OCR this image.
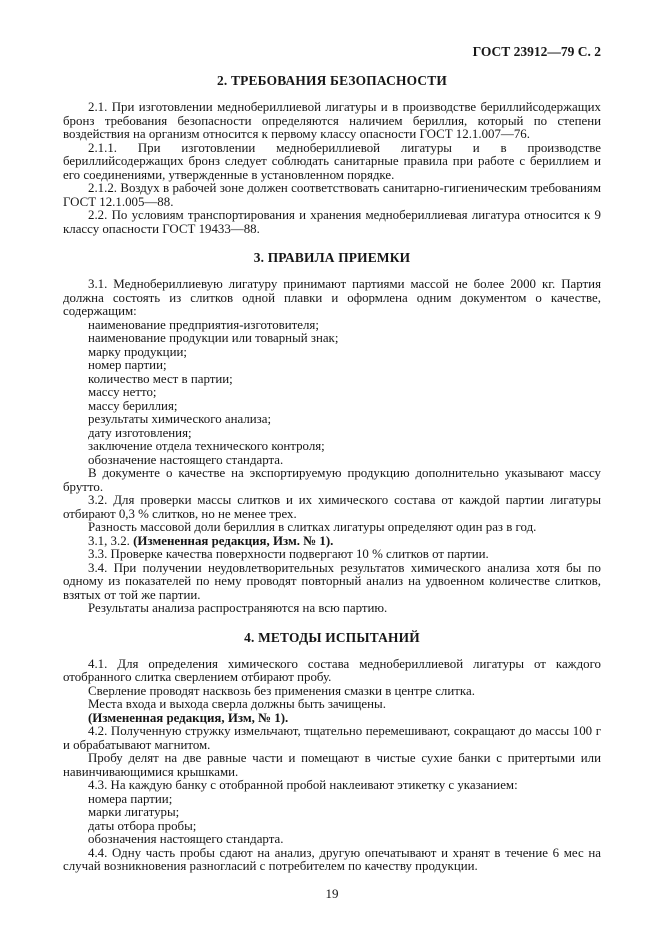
ГОСТ 23912—79 С. 2
2. ТРЕБОВАНИЯ БЕЗОПАСНОСТИ

2.1. При изготовлении меднобериллиевой лигатуры и в производстве бериллийсодержащих бронз требования безопасности определяются наличием бериллия, который по степени воздействия на организм относится к первому классу опасности ГОСТ 12.1.007—76.

2.1.1. При изготовлении меднобериллиевой лигатуры и в производстве бериллийсодержащих бронз следует соблюдать санитарные правила при работе с бериллием и его соединениями, утвержденные в установленном порядке.

2.1.2. Воздух в рабочей зоне должен соответствовать санитарно-гигиеническим требованиям ГОСТ 12.1.005—88.

2.2. По условиям транспортирования и хранения меднобериллиевая лигатура относится к 9 классу опасности ГОСТ 19433—88.

3. ПРАВИЛА ПРИЕМКИ

3.1. Меднобериллиевую лигатуру принимают партиями массой не более 2000 кг. Партия должна состоять из слитков одной плавки и оформлена одним документом о качестве, содержащим:

наименование предприятия-изготовителя;

наименование продукции или товарный знак;

марку продукции;

номер партии;

количество мест в партии;

массу нетто;

массу бериллия;

результаты химического анализа;

дату изготовления;

заключение отдела технического контроля;

обозначение настоящего стандарта.

В документе о качестве на экспортируемую продукцию дополнительно указывают массу брутто.

3.2. Для проверки массы слитков и их химического состава от каждой партии лигатуры отбирают 0,3 % слитков, но не менее трех.

Разность массовой доли бериллия в слитках лигатуры определяют один раз в год.

3.1, 3.2. (Измененная редакция, Изм. № 1).

3.3. Проверке качества поверхности подвергают 10 % слитков от партии.

3.4. При получении неудовлетворительных результатов химического анализа хотя бы по одному из показателей по нему проводят повторный анализ на удвоенном количестве слитков, взятых от той же партии.

Результаты анализа распространяются на всю партию.

4. МЕТОДЫ ИСПЫТАНИЙ

4.1. Для определения химического состава меднобериллиевой лигатуры от каждого отобранного слитка сверлением отбирают пробу.

Сверление проводят насквозь без применения смазки в центре слитка.

Места входа и выхода сверла должны быть зачищены.

(Измененная редакция, Изм, № 1).

4.2. Полученную стружку измельчают, тщательно перемешивают, сокращают до массы 100 г и обрабатывают магнитом.

Пробу делят на две равные части и помещают в чистые сухие банки с притертыми или навинчивающимися крышками.

4.3. На каждую банку с отобранной пробой наклеивают этикетку с указанием:

номера партии;

марки лигатуры;

даты отбора пробы;

обозначения настоящего стандарта.

4.4. Одну часть пробы сдают на анализ, другую опечатывают и хранят в течение 6 мес на случай возникновения разногласий с потребителем по качеству продукции.

19
